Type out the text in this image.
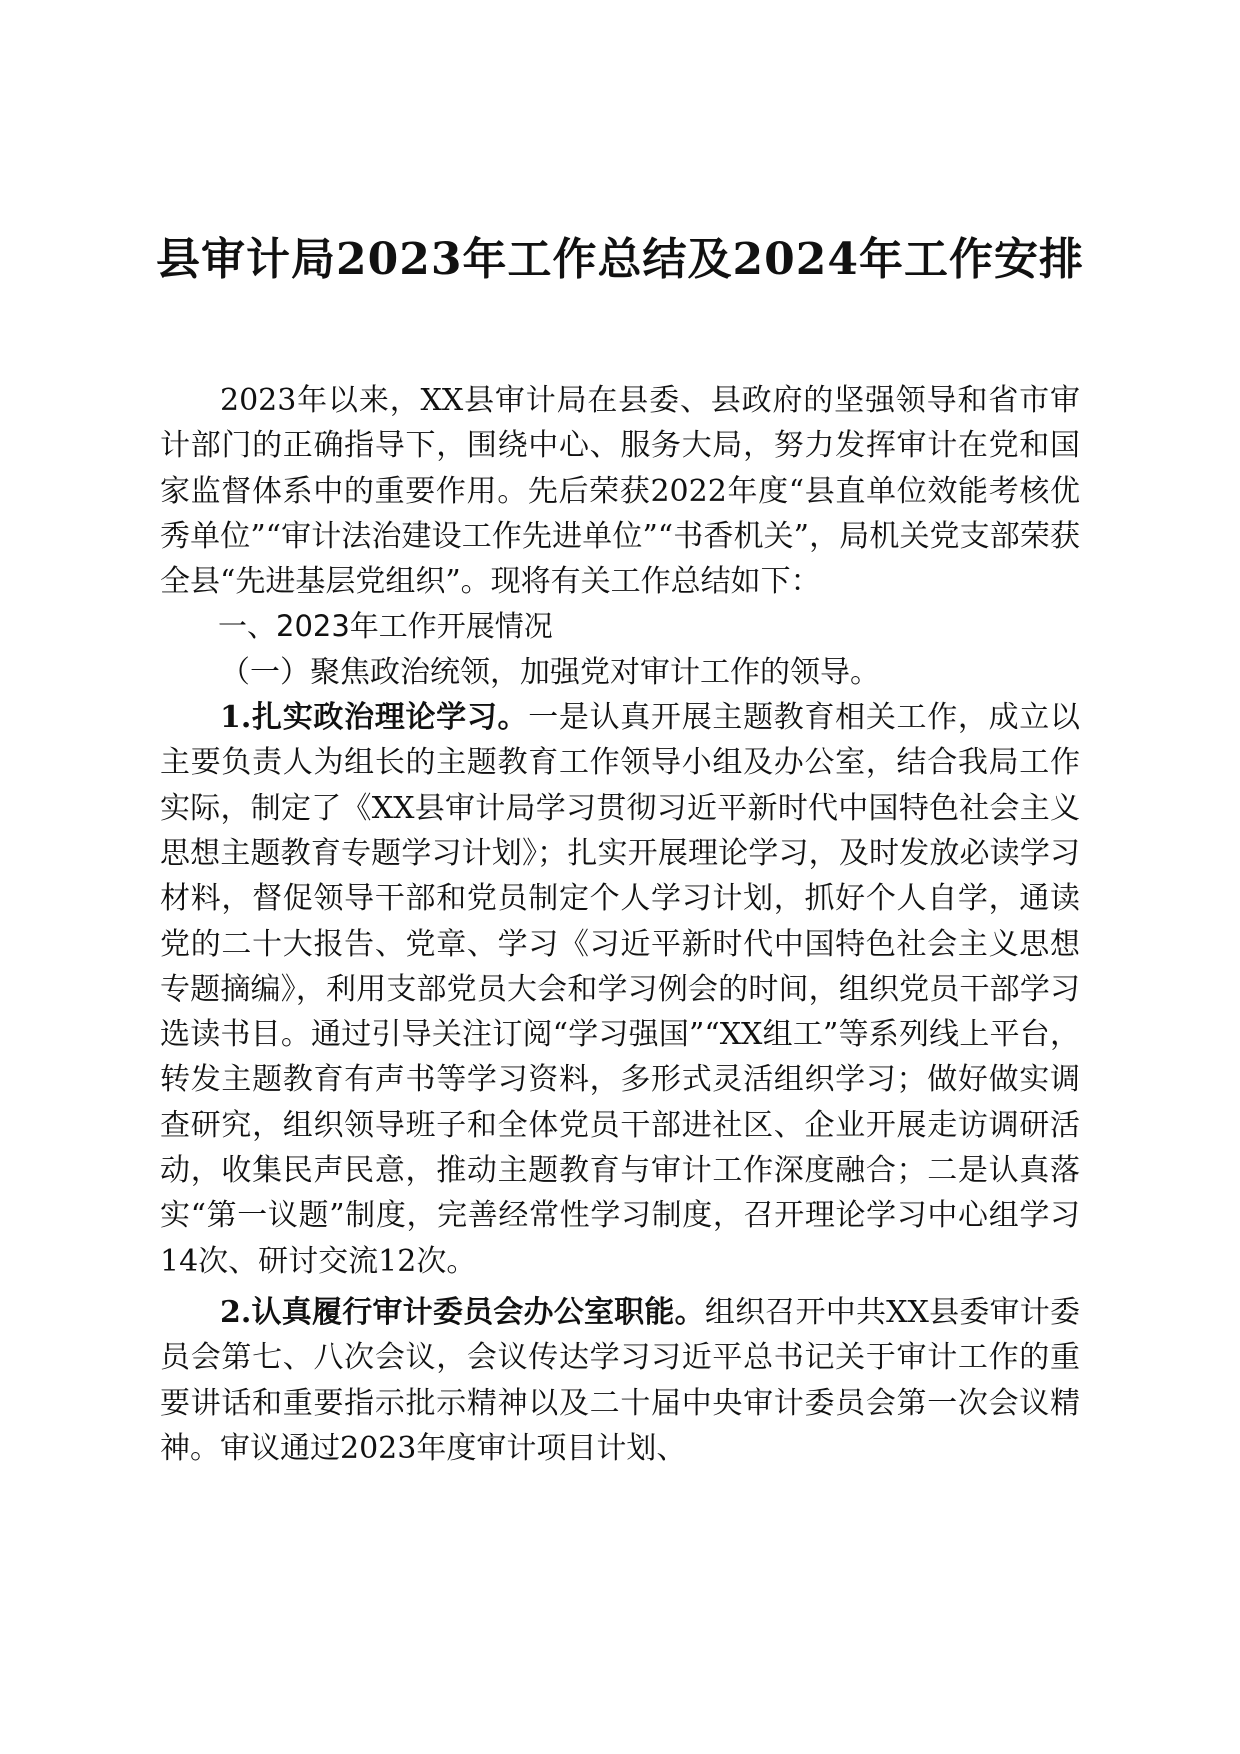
县审计局2023年工作总结及2024年工作安排

2023年以来，XX县审计局在县委、县政府的坚强领导和省市审计部门的正确指导下，围绕中心、服务大局，努力发挥审计在党和国家监督体系中的重要作用。先后荣获2022年度“县直单位效能考核优秀单位”“审计法治建设工作先进单位”“书香机关”，局机关党支部荣获全县“先进基层党组织”。现将有关工作总结如下：

一、2023年工作开展情况

（一）聚焦政治统领，加强党对审计工作的领导。

1.扎实政治理论学习。一是认真开展主题教育相关工作，成立以主要负责人为组长的主题教育工作领导小组及办公室，结合我局工作实际，制定了《XX县审计局学习贯彻习近平新时代中国特色社会主义思想主题教育专题学习计划》；扎实开展理论学习，及时发放必读学习材料，督促领导干部和党员制定个人学习计划，抓好个人自学，通读党的二十大报告、党章、学习《习近平新时代中国特色社会主义思想专题摘编》，利用支部党员大会和学习例会的时间，组织党员干部学习选读书目。通过引导关注订阅“学习强国”“XX组工”等系列线上平台，转发主题教育有声书等学习资料，多形式灵活组织学习；做好做实调查研究，组织领导班子和全体党员干部进社区、企业开展走访调研活动，收集民声民意，推动主题教育与审计工作深度融合；二是认真落实“第一议题”制度，完善经常性学习制度，召开理论学习中心组学习14次、研讨交流12次。

2.认真履行审计委员会办公室职能。组织召开中共XX县委审计委员会第七、八次会议，会议传达学习习近平总书记关于审计工作的重要讲话和重要指示批示精神以及二十届中央审计委员会第一次会议精神。审议通过2023年度审计项目计划、
